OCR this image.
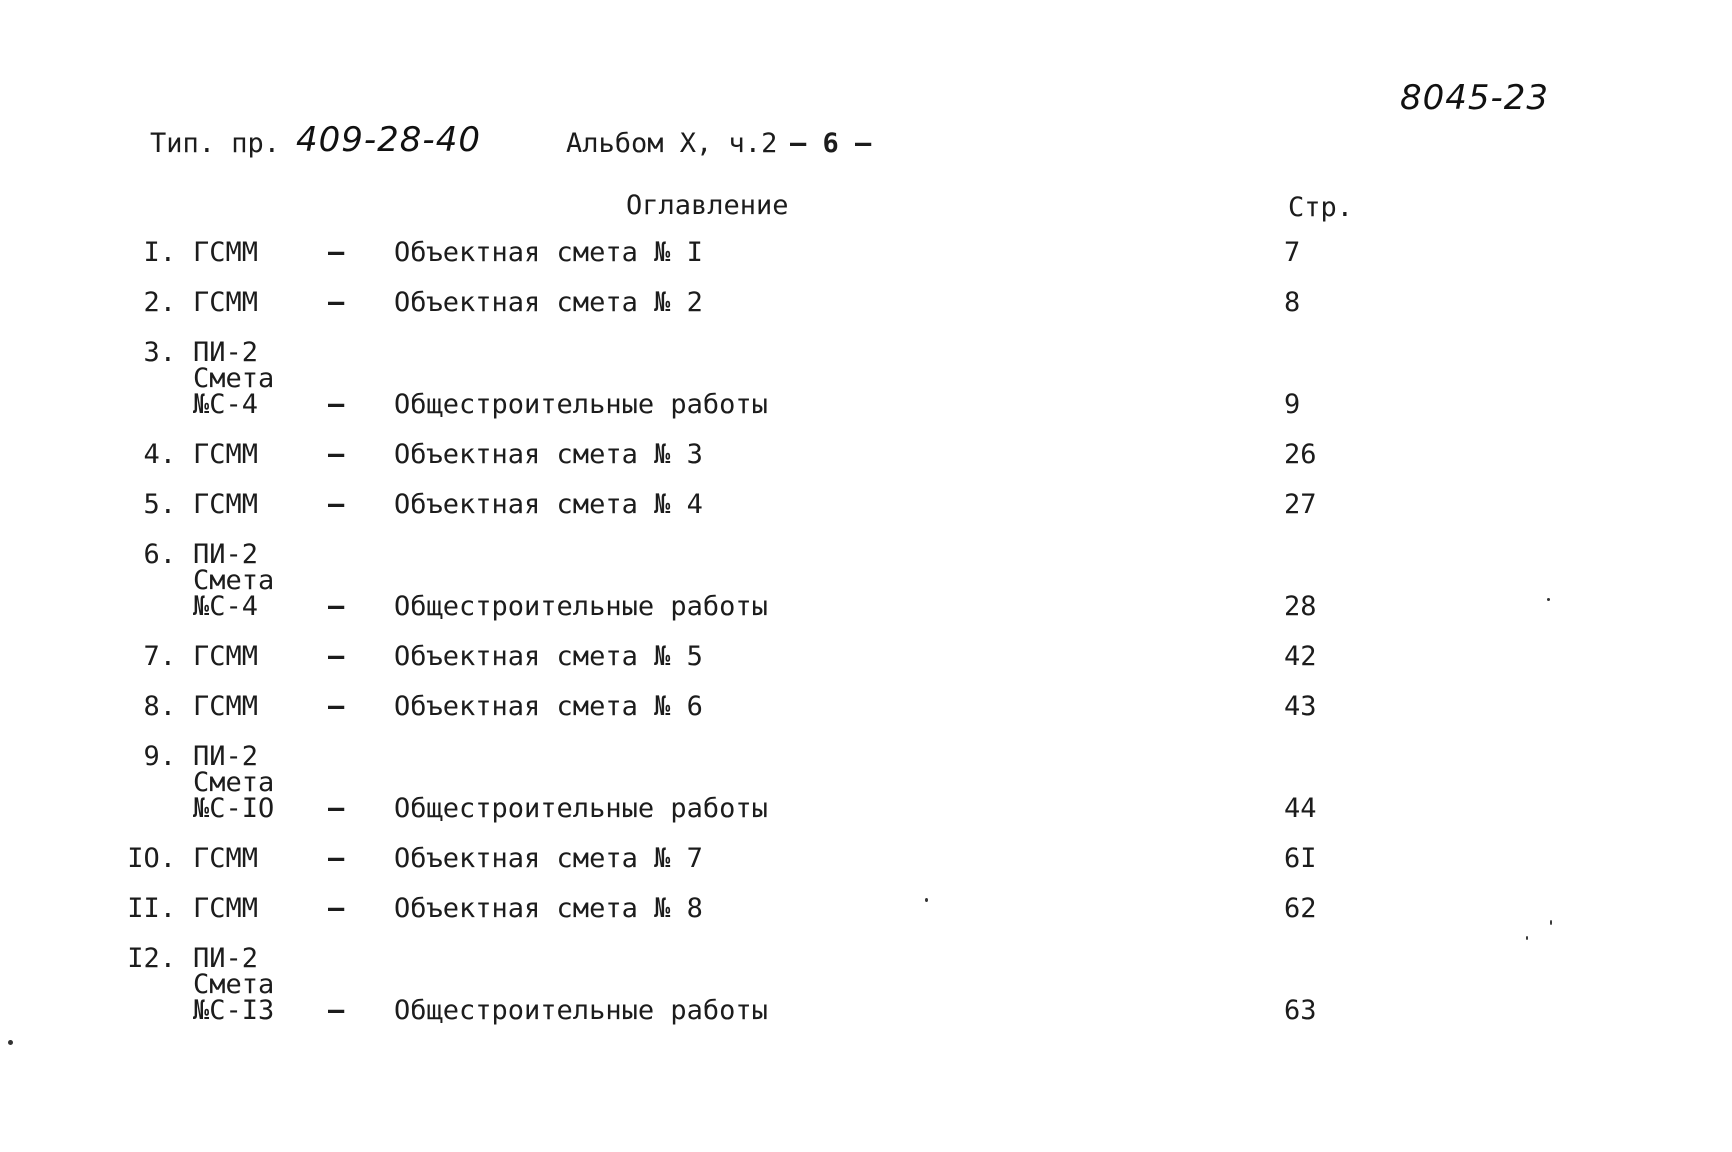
8045-23
Тип. пр. 409-28-40	Альбом X, ч.2 – 6 –
Оглавление	Стр.
I. ГСММ	– Объектная смета № I	7
2. ГСММ	– Объектная смета № 2	8
3. ПИ-2
Смета
№С-4	– Общестроительные работы	9
4. ГСММ	– Объектная смета № 3	26
5. ГСММ	– Объектная смета № 4	27
6. ПИ-2
Смета
№С-4	– Общестроительные работы	28
7. ГСММ	– Объектная смета № 5	42
8. ГСММ	– Объектная смета № 6	43
9. ПИ-2
Смета
№С-IO – Общестроительные работы	44
IO. ГСММ	– Объектная смета № 7	6I
II. ГСММ	– Объектная смета № 8	62
I2. ПИ-2
Смета
№С-I3 – Общестроительные работы	63
